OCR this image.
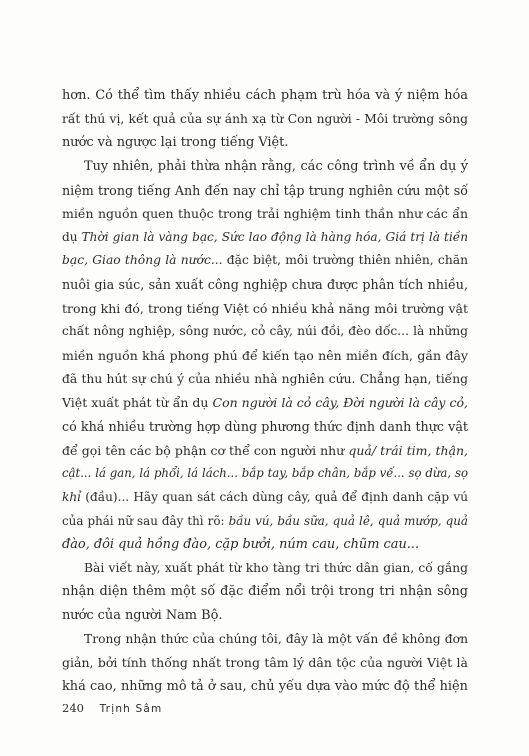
hơn. Có thể tìm thấy nhiều cách phạm trù hóa và ý niệm hóa
rất thú vị, kết quả của sự ánh xạ từ Con người - Môi trường sông
nước và ngược lại trong tiếng Việt.
Tuy nhiên, phải thừa nhận rằng, các công trình về ẩn dụ ý
niệm trong tiếng Anh đến nay chỉ tập trung nghiên cứu một số
miền nguồn quen thuộc trong trải nghiệm tinh thần như các ẩn
dụ Thời gian là vàng bạc, Sức lao động là hàng hóa, Giá trị là tiền
bạc, Giao thông là nước... đặc biệt, môi trường thiên nhiên, chăn
nuôi gia súc, sản xuất công nghiệp chưa được phân tích nhiều,
trong khi đó, trong tiếng Việt có nhiều khả năng môi trường vật
chất nông nghiệp, sông nước, cỏ cây, núi đồi, đèo dốc... là những
miền nguồn khá phong phú để kiến tạo nên miền đích, gần đây
đã thu hút sự chú ý của nhiều nhà nghiên cứu. Chẳng hạn, tiếng
Việt xuất phát từ ẩn dụ Con người là cỏ cây, Đời người là cây cỏ,
có khá nhiều trường hợp dùng phương thức định danh thực vật
để gọi tên các bộ phận cơ thể con người như quả/ trái tim, thận,
cật... lá gan, lá phổi, lá lách... bắp tay, bắp chân, bắp vế... sọ dừa, sọ
khỉ (đầu)... Hãy quan sát cách dùng cây, quả để định danh cặp vú
của phái nữ sau đây thì rõ: bầu vú, bầu sữa, quả lê, quả mướp, quả
đào, đôi quả hồng đào, cặp bưởi, núm cau, chũm cau...
Bài viết này, xuất phát từ kho tàng tri thức dân gian, cố gắng
nhận diện thêm một số đặc điểm nổi trội trong tri nhận sông
nước của người Nam Bộ.
Trong nhận thức của chúng tôi, đây là một vấn đề không đơn
giản, bởi tính thống nhất trong tâm lý dân tộc của người Việt là
khá cao, những mô tả ở sau, chủ yếu dựa vào mức độ thể hiện
240 Trịnh Sâm
